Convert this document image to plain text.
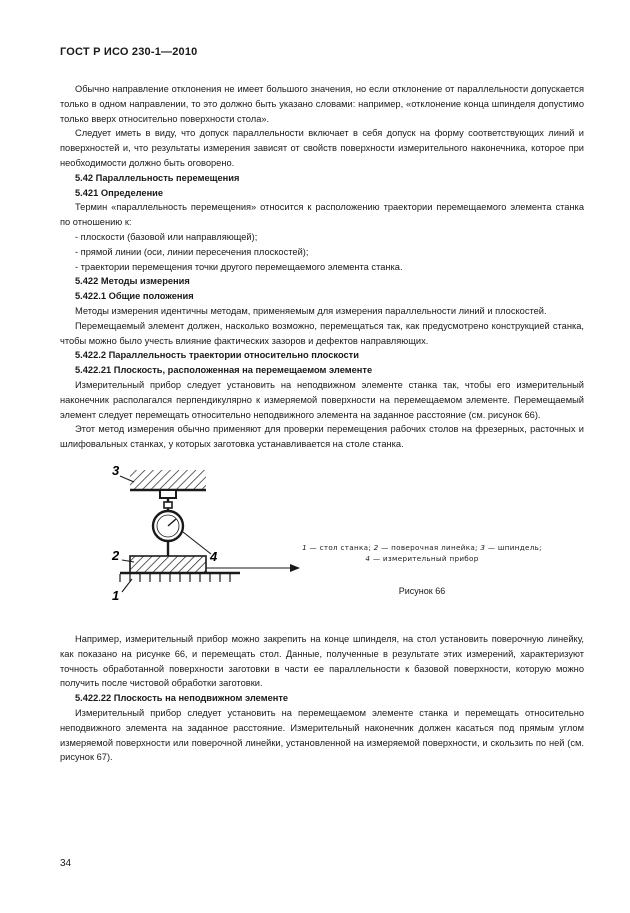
ГОСТ Р ИСО 230-1—2010

Обычно направление отклонения не имеет большого значения, но если отклонение от параллельности допускается только в одном направлении, то это должно быть указано словами: например, «отклонение конца шпинделя допустимо только вверх относительно поверхности стола».

Следует иметь в виду, что допуск параллельности включает в себя допуск на форму соответствующих линий и поверхностей и, что результаты измерения зависят от свойств поверхности измерительного наконечника, которое при необходимости должно быть оговорено.

5.42 Параллельность перемещения

5.421 Определение

Термин «параллельность перемещения» относится к расположению траектории перемещаемого элемента станка по отношению к:

- плоскости (базовой или направляющей);

- прямой линии (оси, линии пересечения плоскостей);

- траектории перемещения точки другого перемещаемого элемента станка.

5.422 Методы измерения

5.422.1 Общие положения

Методы измерения идентичны методам, применяемым для измерения параллельности линий и плоскостей.

Перемещаемый элемент должен, насколько возможно, перемещаться так, как предусмотрено конструкцией станка, чтобы можно было учесть влияние фактических зазоров и дефектов направляющих.

5.422.2 Параллельность траектории относительно плоскости

5.422.21 Плоскость, расположенная на перемещаемом элементе

Измерительный прибор следует установить на неподвижном элементе станка так, чтобы его измерительный наконечник располагался перпендикулярно к измеряемой поверхности на перемещаемом элементе. Перемещаемый элемент следует перемещать относительно неподвижного элемента на заданное расстояние (см. рисунок 66).

Этот метод измерения обычно применяют для проверки перемещения рабочих столов на фрезерных, расточных и шлифовальных станках, у которых заготовка устанавливается на столе станка.

3
4
2
1
1 — стол станка; 2 — поверочная линейка; 3 — шпиндель;
4 — измерительный прибор
Рисунок 66

Например, измерительный прибор можно закрепить на конце шпинделя, на стол установить поверочную линейку, как показано на рисунке 66, и перемещать стол. Данные, полученные в результате этих измерений, характеризуют точность обработанной поверхности заготовки в части ее параллельности к базовой поверхности, которую можно получить после чистовой обработки заготовки.

5.422.22 Плоскость на неподвижном элементе

Измерительный прибор следует установить на перемещаемом элементе станка и перемещать относительно неподвижного элемента на заданное расстояние. Измерительный наконечник должен касаться под прямым углом измеряемой поверхности или поверочной линейки, установленной на измеряемой поверхности, и скользить по ней (см. рисунок 67).

34
